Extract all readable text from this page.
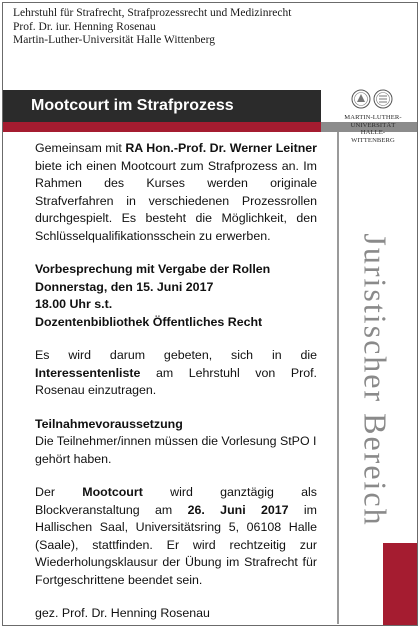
Lehrstuhl für Strafrecht, Strafprozessrecht und Medizinrecht
Prof. Dr. iur. Henning Rosenau
Martin-Luther-Universität Halle Wittenberg
Mootcourt im Strafprozess
MARTIN-LUTHER-
UNIVERSITÄT
HALLE-WITTENBERG
Juristischer Bereich

Gemeinsam mit RA Hon.-Prof. Dr. Werner Leitner biete ich einen Mootcourt zum Strafprozess an. Im Rahmen des Kurses werden originale Strafverfahren in verschiedenen Prozessrollen durchgespielt. Es besteht die Möglichkeit, den Schlüsselqualifikationsschein zu erwerben.

Vorbesprechung mit Vergabe der Rollen
Donnerstag, den 15. Juni 2017
18.00 Uhr s.t.
Dozentenbibliothek Öffentliches Recht

Es wird darum gebeten, sich in die Interessentenliste am Lehrstuhl von Prof. Rosenau einzutragen.

Teilnahmevoraussetzung
Die Teilnehmer/innen müssen die Vorlesung StPO I gehört haben.

Der Mootcourt wird ganztägig als Blockveranstaltung am 26. Juni 2017 im Hallischen Saal, Universitätsring 5, 06108 Halle (Saale), stattfinden. Er wird rechtzeitig zur Wiederholungsklausur der Übung im Strafrecht für Fortgeschrittene beendet sein.

gez. Prof. Dr. Henning Rosenau
